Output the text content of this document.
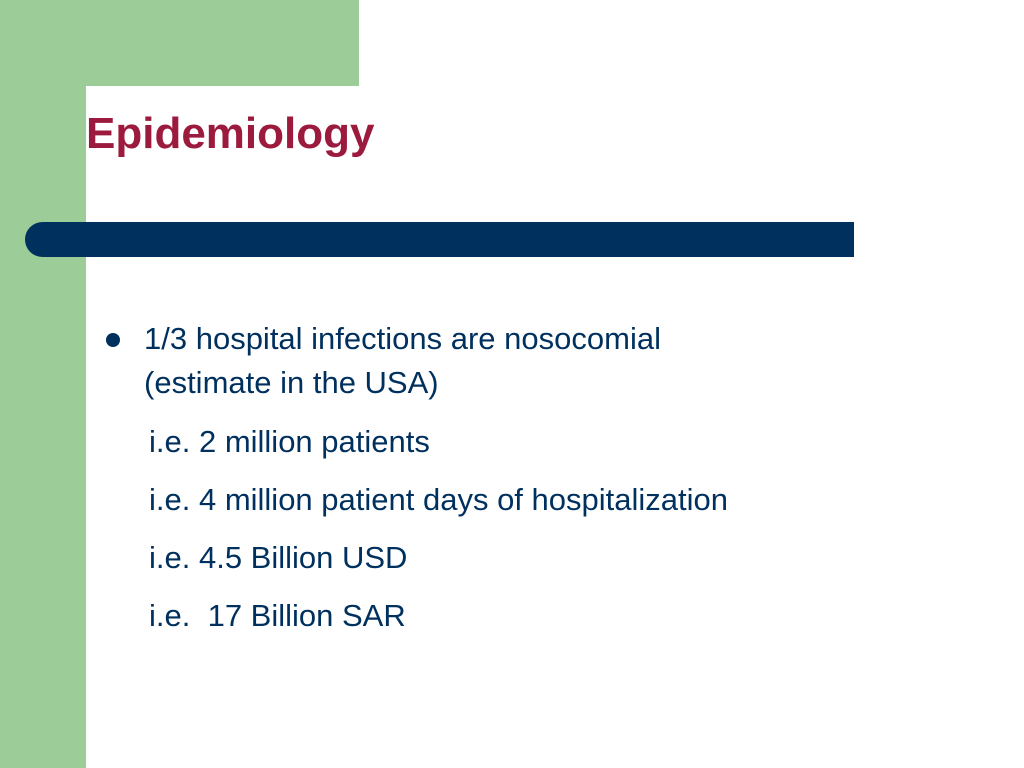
Epidemiology
1/3 hospital infections are nosocomial
(estimate in the USA)
i.e. 2 million patients
i.e. 4 million patient days of hospitalization
i.e. 4.5 Billion USD
i.e.  17 Billion SAR
